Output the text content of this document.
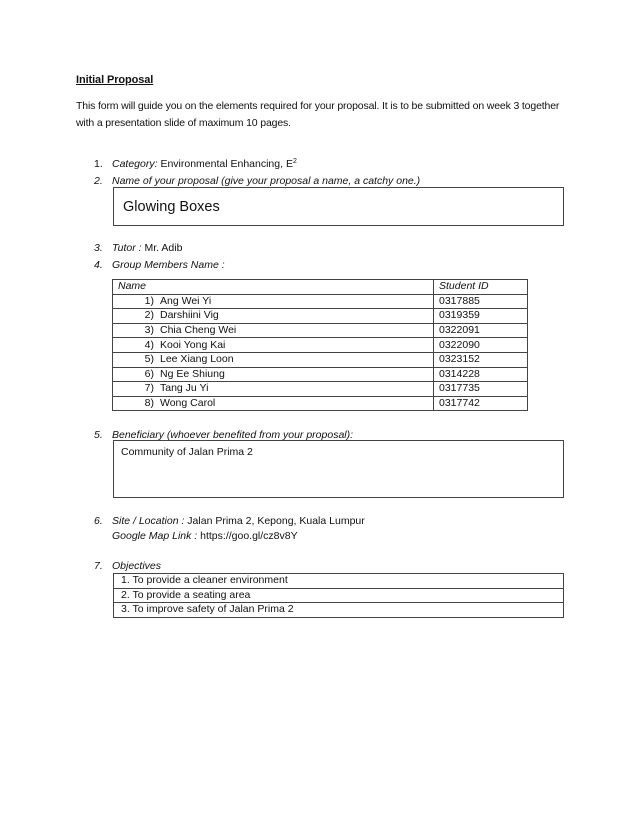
Initial Proposal
This form will guide you on the elements required for your proposal. It is to be submitted on week 3 together with a presentation slide of maximum 10 pages.
1. Category: Environmental Enhancing, $E^2$
2. Name of your proposal (give your proposal a name, a catchy one.)
Glowing Boxes
3. Tutor : Mr. Adib
4. Group Members Name :
Name	Student ID
1) Ang Wei Yi	0317885
2) Darshiini Vig	0319359
3) Chia Cheng Wei	0322091
4) Kooi Yong Kai	0322090
5) Lee Xiang Loon	0323152
6) Ng Ee Shiung	0314228
7) Tang Ju Yi	0317735
8) Wong Carol	0317742
5. Beneficiary (whoever benefited from your proposal):
Community of Jalan Prima 2
6. Site / Location : Jalan Prima 2, Kepong, Kuala Lumpur
Google Map Link : https://goo.gl/cz8v8Y
7. Objectives
1. To provide a cleaner environment
2. To provide a seating area
3. To improve safety of Jalan Prima 2
